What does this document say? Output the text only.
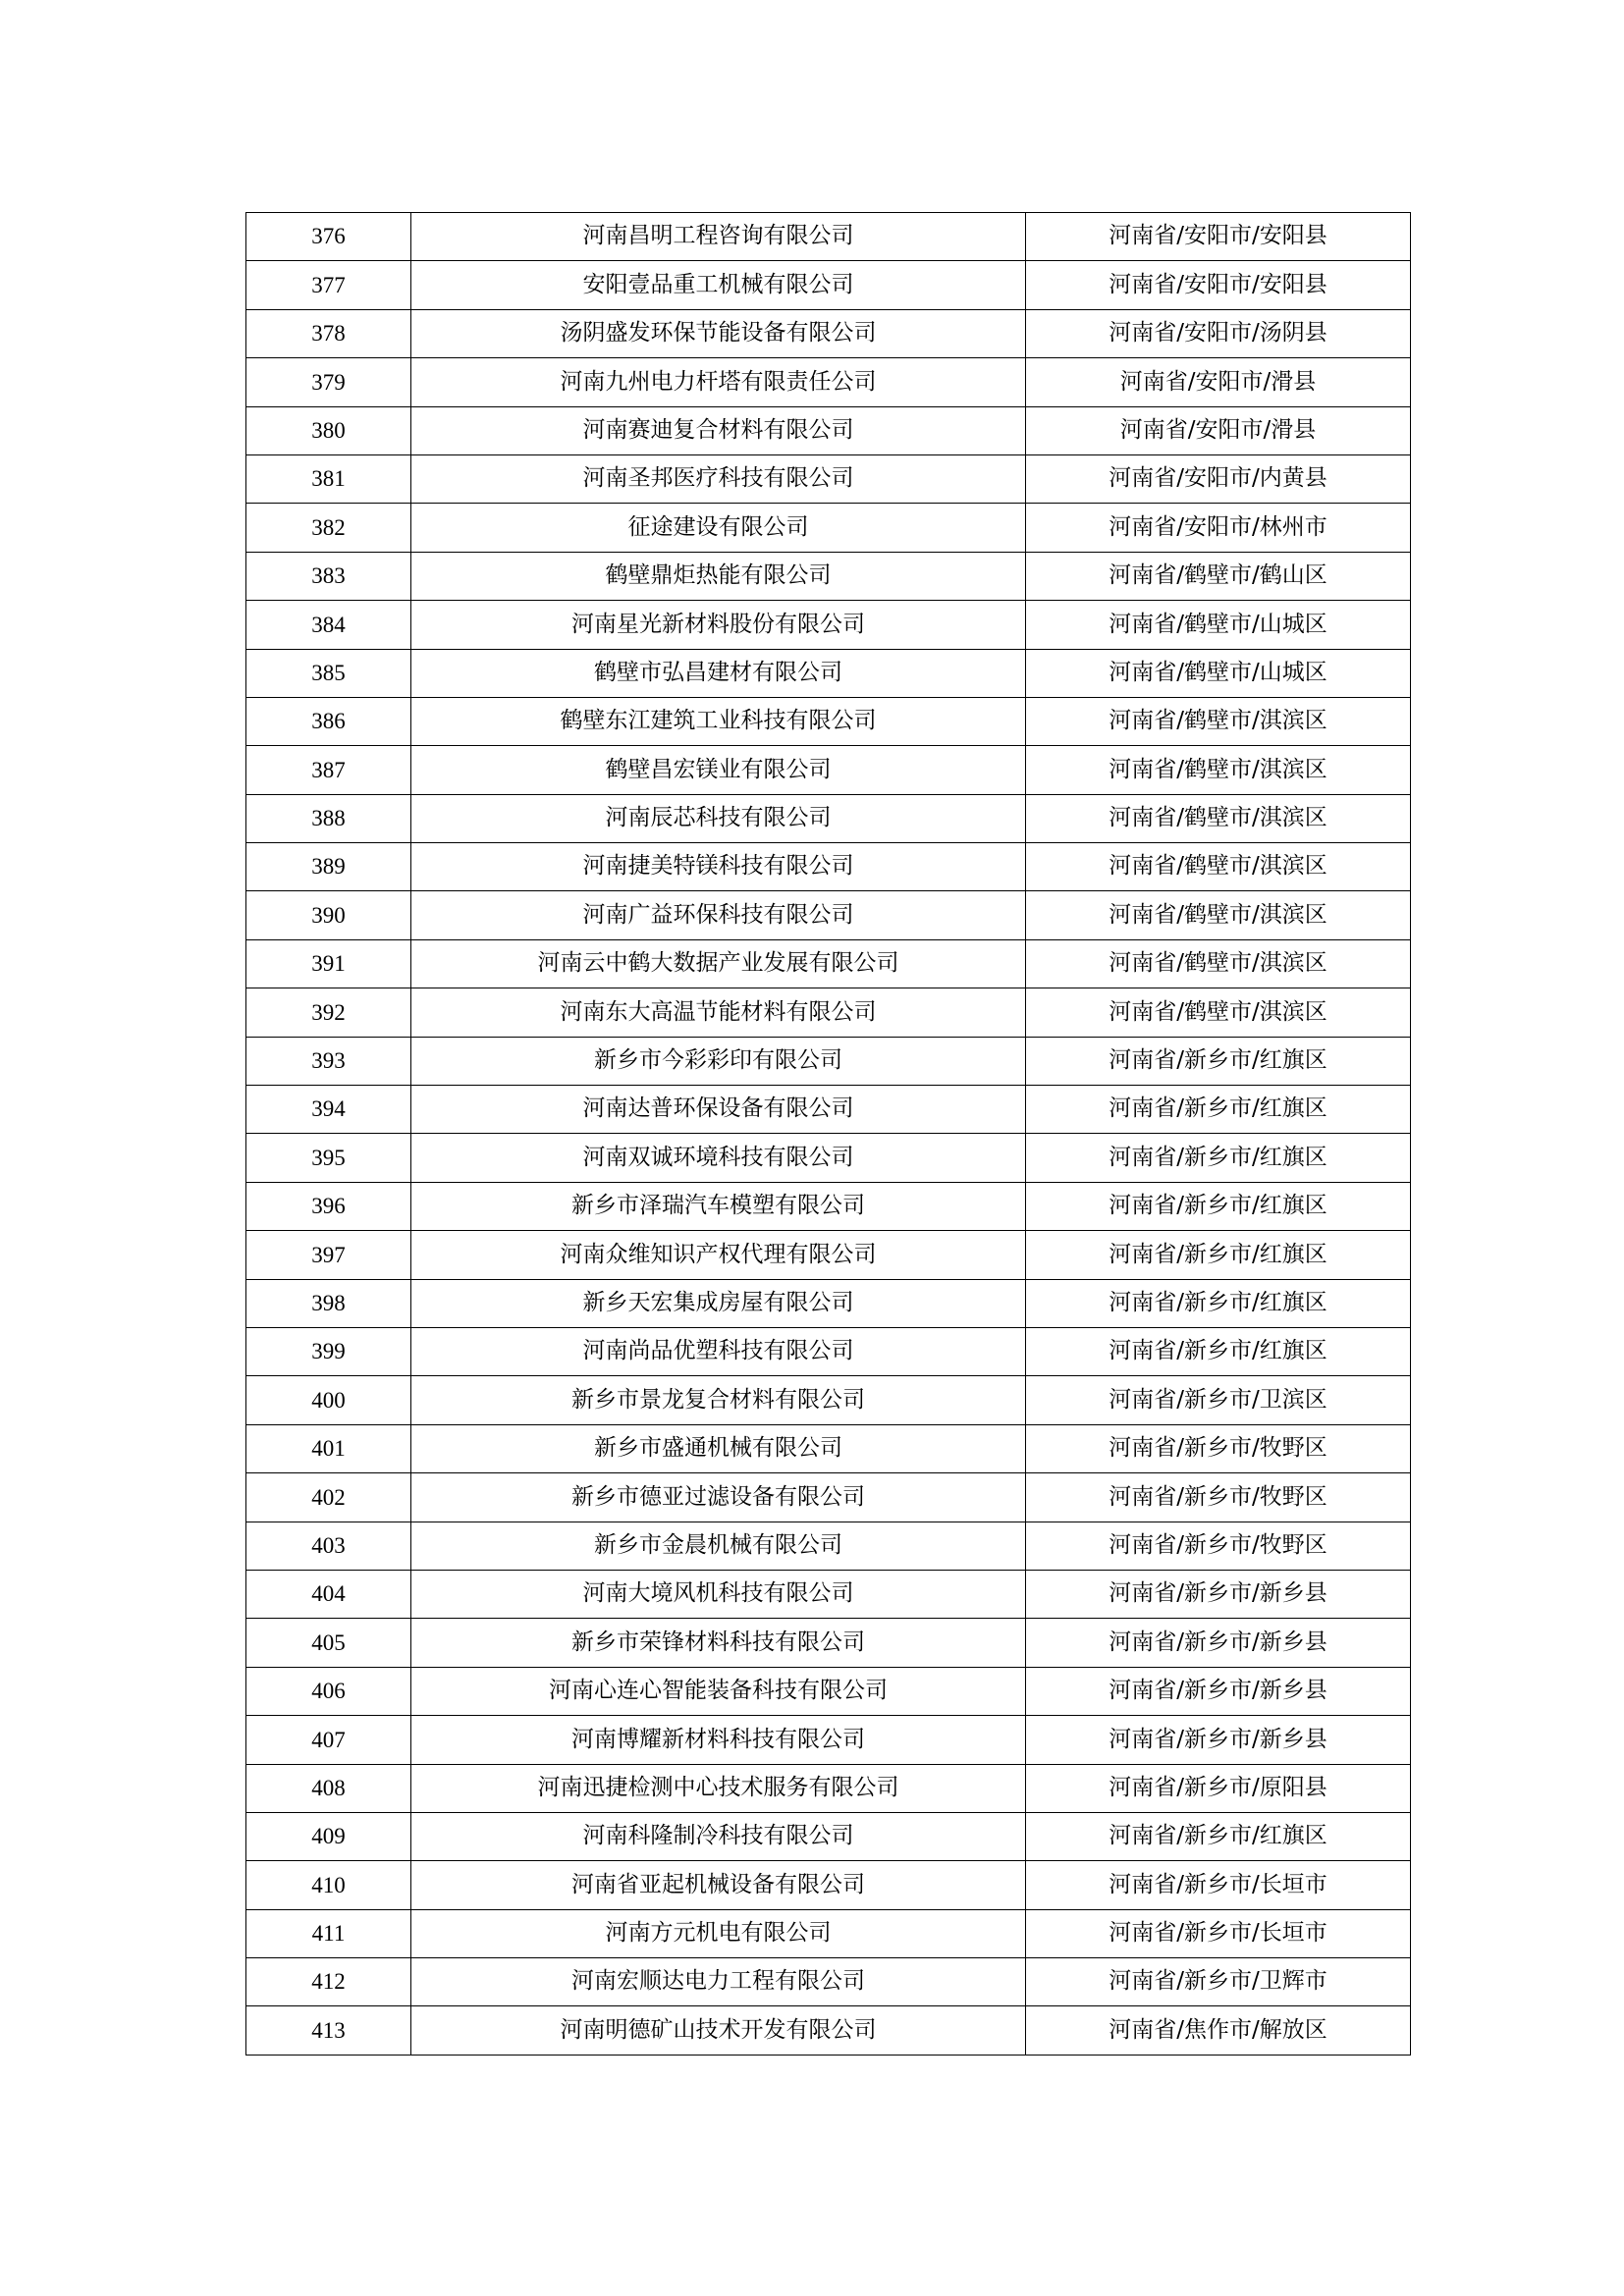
376	河南昌明工程咨询有限公司	河南省/安阳市/安阳县
377	安阳壹品重工机械有限公司	河南省/安阳市/安阳县
378	汤阴盛发环保节能设备有限公司	河南省/安阳市/汤阴县
379	河南九州电力杆塔有限责任公司	河南省/安阳市/滑县
380	河南赛迪复合材料有限公司	河南省/安阳市/滑县
381	河南圣邦医疗科技有限公司	河南省/安阳市/内黄县
382	征途建设有限公司	河南省/安阳市/林州市
383	鹤壁鼎炬热能有限公司	河南省/鹤壁市/鹤山区
384	河南星光新材料股份有限公司	河南省/鹤壁市/山城区
385	鹤壁市弘昌建材有限公司	河南省/鹤壁市/山城区
386	鹤壁东江建筑工业科技有限公司	河南省/鹤壁市/淇滨区
387	鹤壁昌宏镁业有限公司	河南省/鹤壁市/淇滨区
388	河南辰芯科技有限公司	河南省/鹤壁市/淇滨区
389	河南捷美特镁科技有限公司	河南省/鹤壁市/淇滨区
390	河南广益环保科技有限公司	河南省/鹤壁市/淇滨区
391	河南云中鹤大数据产业发展有限公司	河南省/鹤壁市/淇滨区
392	河南东大高温节能材料有限公司	河南省/鹤壁市/淇滨区
393	新乡市今彩彩印有限公司	河南省/新乡市/红旗区
394	河南达普环保设备有限公司	河南省/新乡市/红旗区
395	河南双诚环境科技有限公司	河南省/新乡市/红旗区
396	新乡市泽瑞汽车模塑有限公司	河南省/新乡市/红旗区
397	河南众维知识产权代理有限公司	河南省/新乡市/红旗区
398	新乡天宏集成房屋有限公司	河南省/新乡市/红旗区
399	河南尚品优塑科技有限公司	河南省/新乡市/红旗区
400	新乡市景龙复合材料有限公司	河南省/新乡市/卫滨区
401	新乡市盛通机械有限公司	河南省/新乡市/牧野区
402	新乡市德亚过滤设备有限公司	河南省/新乡市/牧野区
403	新乡市金晨机械有限公司	河南省/新乡市/牧野区
404	河南大境风机科技有限公司	河南省/新乡市/新乡县
405	新乡市荣锋材料科技有限公司	河南省/新乡市/新乡县
406	河南心连心智能装备科技有限公司	河南省/新乡市/新乡县
407	河南博耀新材料科技有限公司	河南省/新乡市/新乡县
408	河南迅捷检测中心技术服务有限公司	河南省/新乡市/原阳县
409	河南科隆制冷科技有限公司	河南省/新乡市/红旗区
410	河南省亚起机械设备有限公司	河南省/新乡市/长垣市
411	河南方元机电有限公司	河南省/新乡市/长垣市
412	河南宏顺达电力工程有限公司	河南省/新乡市/卫辉市
413	河南明德矿山技术开发有限公司	河南省/焦作市/解放区
